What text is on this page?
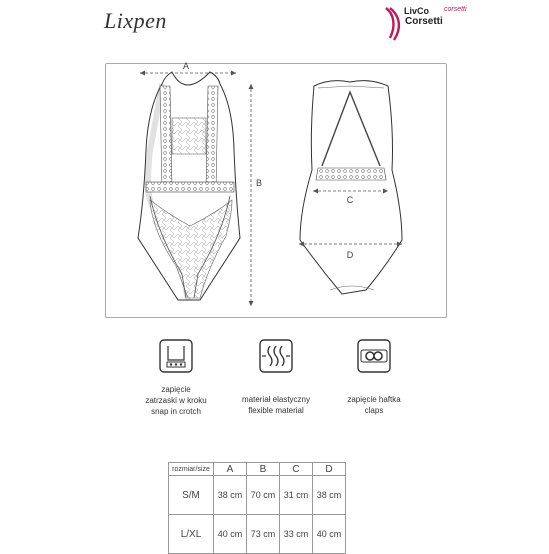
Lixpen	LivCo corsetti
Corsetti
A
B
C
D
zapięcie
zatrzaski w kroku
snap in crotch
materiał elastyczny
flexible material
zapięcie haftka
claps
rozmiar/size	A	B	C	D
S/M	38 cm	70 cm	31 cm	38 cm
L/XL	40 cm	73 cm	33 cm	40 cm
